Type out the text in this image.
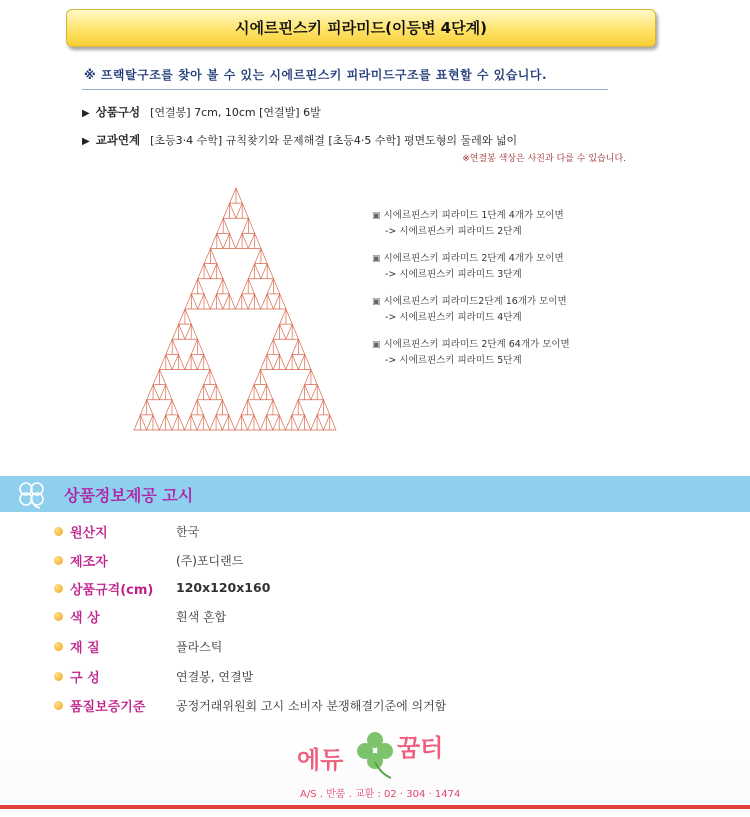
시에르핀스키 피라미드(이등변 4단계)
※ 프랙탈구조를 찾아 볼 수 있는 시에르핀스키 피라미드구조를 표현할 수 있습니다.
▶ 상품구성 [연결봉] 7cm, 10cm [연결발] 6발
▶ 교과연계 [초등3·4 수학] 규칙찾기와 문제해결 [초등4·5 수학] 평면도형의 둘레와 넓이
※연결봉 색상은 사진과 다를 수 있습니다.
▣ 시에르핀스키 피라미드 1단계 4개가 모이면
-> 시에르핀스키 피라미드 2단계
▣ 시에르핀스키 피라미드 2단계 4개가 모이면
-> 시에르핀스키 피라미드 3단계
▣ 시에르핀스키 피라미드2단계 16개가 모이면
-> 시에르핀스키 피라미드 4단계
▣ 시에르핀스키 피라미드 2단계 64개가 모이면
-> 시에르핀스키 피라미드 5단계
상품정보제공 고시
원산지	한국
제조자	(주)포디랜드
상품규격(cm) 120x120x160
색 상	흰색 혼합
재 질	플라스틱
구 성	연결봉, 연결발
품질보증기준	공정거래위원회 고시 소비자 분쟁해결기준에 의거함
에듀 꿈터
A/S . 반품 . 교환 : 02 · 304 · 1474
